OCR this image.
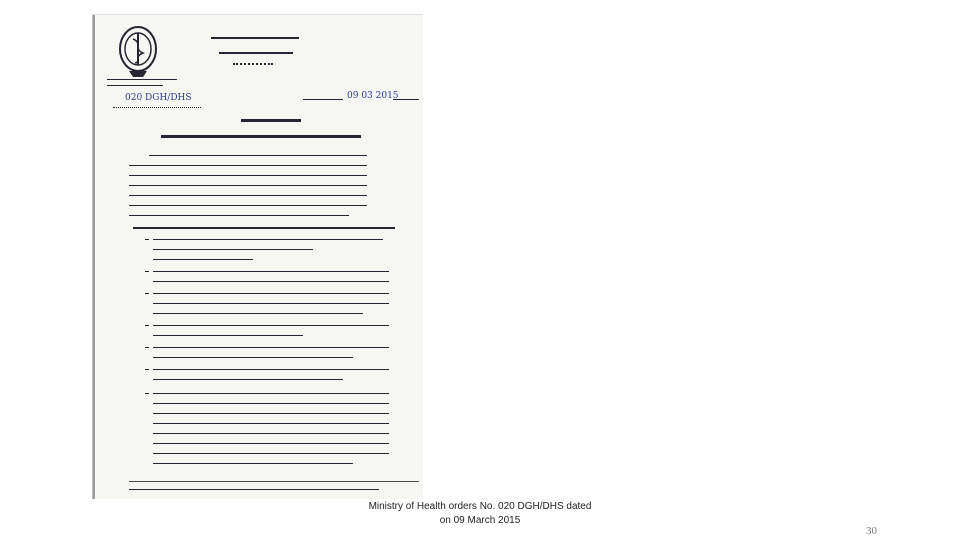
020 DGH/DHS	09 03 2015
Ministry of Health orders No. 020 DGH/DHS dated
on 09 March 2015
30
